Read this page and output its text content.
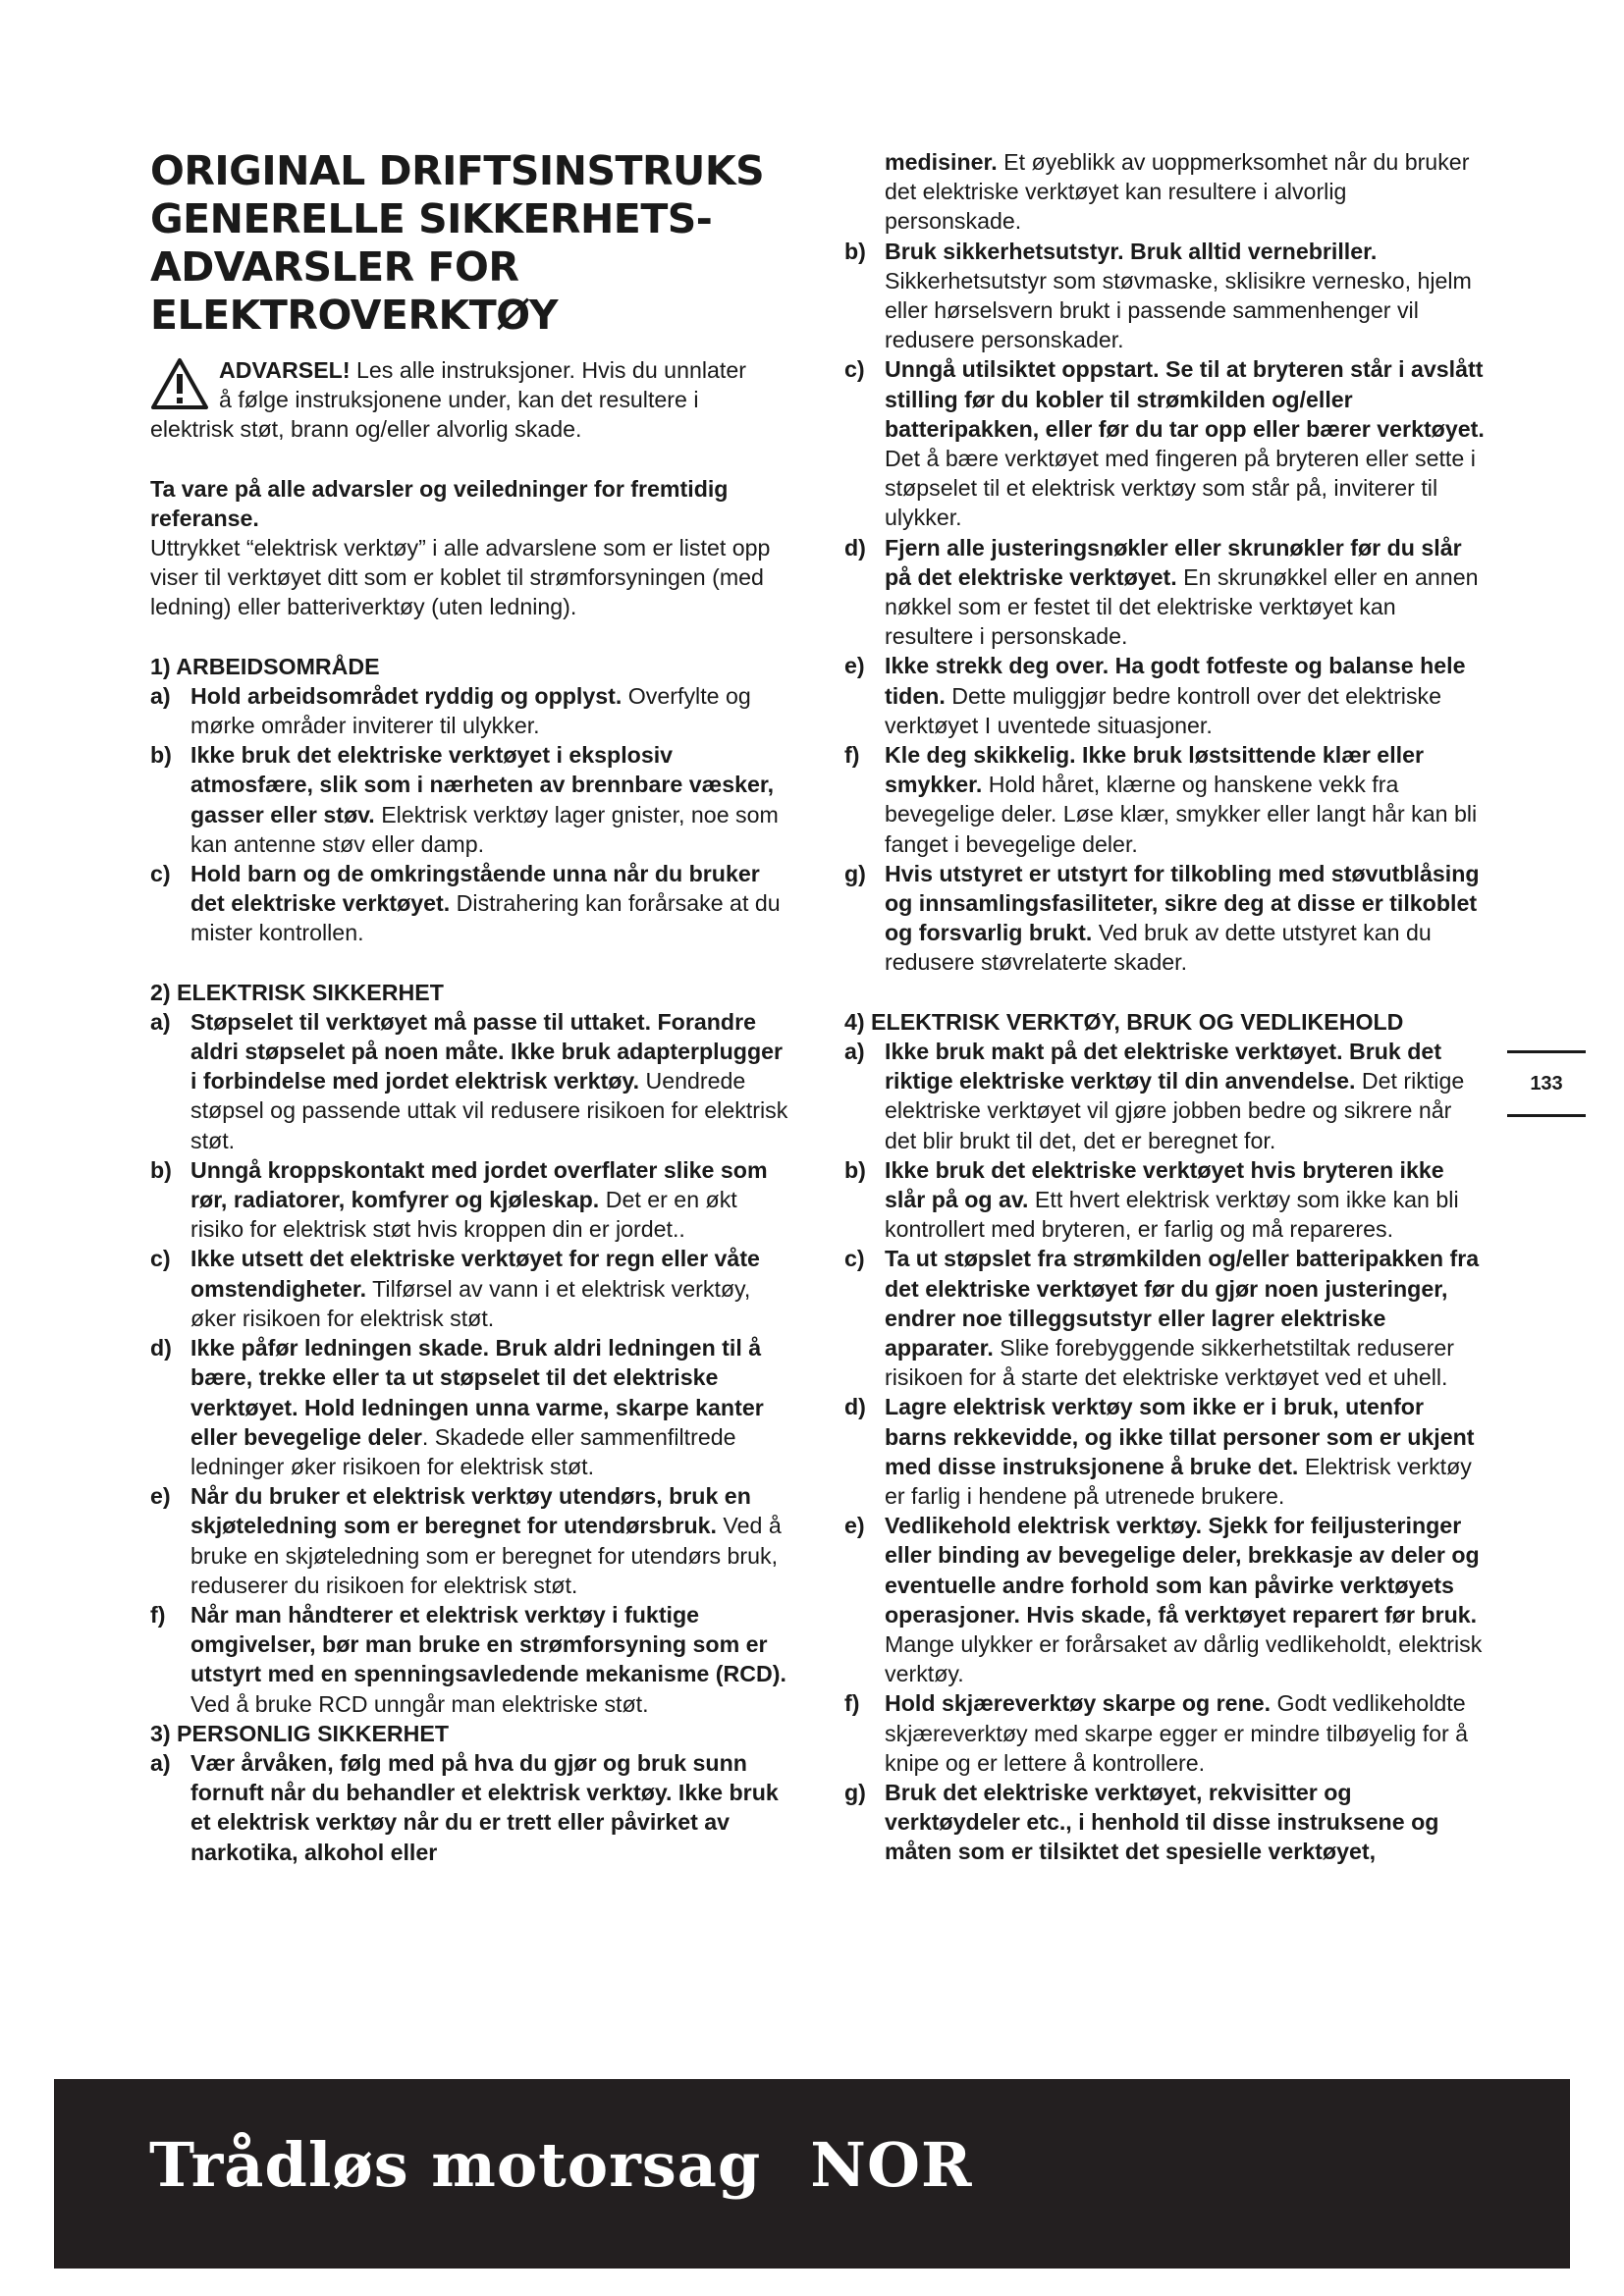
ORIGINAL DRIFTSINSTRUKS
GENERELLE SIKKERHETS-
ADVARSLER FOR
ELEKTROVERKTØY
ADVARSEL! Les alle instruksjoner. Hvis du unnlater
å følge instruksjonene under, kan det resultere i
elektrisk støt, brann og/eller alvorlig skade.
Ta vare på alle advarsler og veiledninger for fremtidig referanse.
Uttrykket “elektrisk verktøy” i alle advarslene som er listet opp viser til verktøyet ditt som er koblet til strømforsyningen (med ledning) eller batteriverktøy (uten ledning).
1) ARBEIDSOMRÅDE
a) Hold arbeidsområdet ryddig og opplyst. Overfylte og mørke områder inviterer til ulykker.
b) Ikke bruk det elektriske verktøyet i eksplosiv atmosfære, slik som i nærheten av brennbare væsker, gasser eller støv. Elektrisk verktøy lager gnister, noe som kan antenne støv eller damp.
c) Hold barn og de omkringstående unna når du bruker det elektriske verktøyet. Distrahering kan forårsake at du mister kontrollen.
2) ELEKTRISK SIKKERHET
a) Støpselet til verktøyet må passe til uttaket. Forandre aldri støpselet på noen måte. Ikke bruk adapterplugger i forbindelse med jordet elektrisk verktøy. Uendrede støpsel og passende uttak vil redusere risikoen for elektrisk støt.
b) Unngå kroppskontakt med jordet overflater slike som rør, radiatorer, komfyrer og kjøleskap. Det er en økt risiko for elektrisk støt hvis kroppen din er jordet..
c) Ikke utsett det elektriske verktøyet for regn eller våte omstendigheter. Tilførsel av vann i et elektrisk verktøy, øker risikoen for elektrisk støt.
d) Ikke påfør ledningen skade. Bruk aldri ledningen til å bære, trekke eller ta ut støpselet til det elektriske verktøyet. Hold ledningen unna varme, skarpe kanter eller bevegelige deler. Skadede eller sammenfiltrede ledninger øker risikoen for elektrisk støt.
e) Når du bruker et elektrisk verktøy utendørs, bruk en skjøteledning som er beregnet for utendørsbruk. Ved å bruke en skjøteledning som er beregnet for utendørs bruk, reduserer du risikoen for elektrisk støt.
f) Når man håndterer et elektrisk verktøy i fuktige omgivelser, bør man bruke en strømforsyning som er utstyrt med en spenningsavledende mekanisme (RCD). Ved å bruke RCD unngår man elektriske støt.
3) PERSONLIG SIKKERHET
a) Vær årvåken, følg med på hva du gjør og bruk sunn fornuft når du behandler et elektrisk verktøy. Ikke bruk et elektrisk verktøy når du er trett eller påvirket av narkotika, alkohol eller
medisiner. Et øyeblikk av uoppmerksomhet når du bruker det elektriske verktøyet kan resultere i alvorlig personskade.
b) Bruk sikkerhetsutstyr. Bruk alltid vernebriller. Sikkerhetsutstyr som støvmaske, sklisikre vernesko, hjelm eller hørselsvern brukt i passende sammenhenger vil redusere personskader.
c) Unngå utilsiktet oppstart. Se til at bryteren står i avslått stilling før du kobler til strømkilden og/eller batteripakken, eller før du tar opp eller bærer verktøyet. Det å bære verktøyet med fingeren på bryteren eller sette i støpselet til et elektrisk verktøy som står på, inviterer til ulykker.
d) Fjern alle justeringsnøkler eller skrunøkler før du slår på det elektriske verktøyet. En skrunøkkel eller en annen nøkkel som er festet til det elektriske verktøyet kan resultere i personskade.
e) Ikke strekk deg over. Ha godt fotfeste og balanse hele tiden. Dette muliggjør bedre kontroll over det elektriske verktøyet I uventede situasjoner.
f) Kle deg skikkelig. Ikke bruk løstsittende klær eller smykker. Hold håret, klærne og hanskene vekk fra bevegelige deler. Løse klær, smykker eller langt hår kan bli fanget i bevegelige deler.
g) Hvis utstyret er utstyrt for tilkobling med støvutblåsing og innsamlingsfasiliteter, sikre deg at disse er tilkoblet og forsvarlig brukt. Ved bruk av dette utstyret kan du redusere støvrelaterte skader.
4) ELEKTRISK VERKTØY, BRUK OG VEDLIKEHOLD
a) Ikke bruk makt på det elektriske verktøyet. Bruk det riktige elektriske verktøy til din anvendelse. Det riktige elektriske verktøyet vil gjøre jobben bedre og sikrere når det blir brukt til det, det er beregnet for.
b) Ikke bruk det elektriske verktøyet hvis bryteren ikke slår på og av. Ett hvert elektrisk verktøy som ikke kan bli kontrollert med bryteren, er farlig og må repareres.
c) Ta ut støpslet fra strømkilden og/eller batteripakken fra det elektriske verktøyet før du gjør noen justeringer, endrer noe tilleggsutstyr eller lagrer elektriske apparater. Slike forebyggende sikkerhetstiltak reduserer risikoen for å starte det elektriske verktøyet ved et uhell.
d) Lagre elektrisk verktøy som ikke er i bruk, utenfor barns rekkevidde, og ikke tillat personer som er ukjent med disse instruksjonene å bruke det. Elektrisk verktøy er farlig i hendene på utrenede brukere.
e) Vedlikehold elektrisk verktøy. Sjekk for feiljusteringer eller binding av bevegelige deler, brekkasje av deler og eventuelle andre forhold som kan påvirke verktøyets operasjoner. Hvis skade, få verktøyet reparert før bruk. Mange ulykker er forårsaket av dårlig vedlikeholdt, elektrisk verktøy.
f) Hold skjæreverktøy skarpe og rene. Godt vedlikeholdte skjæreverktøy med skarpe egger er mindre tilbøyelig for å knipe og er lettere å kontrollere.
g) Bruk det elektriske verktøyet, rekvisitter og verktøydeler etc., i henhold til disse instruksene og måten som er tilsiktet det spesielle verktøyet,
133
Trådløs motorsag NOR
